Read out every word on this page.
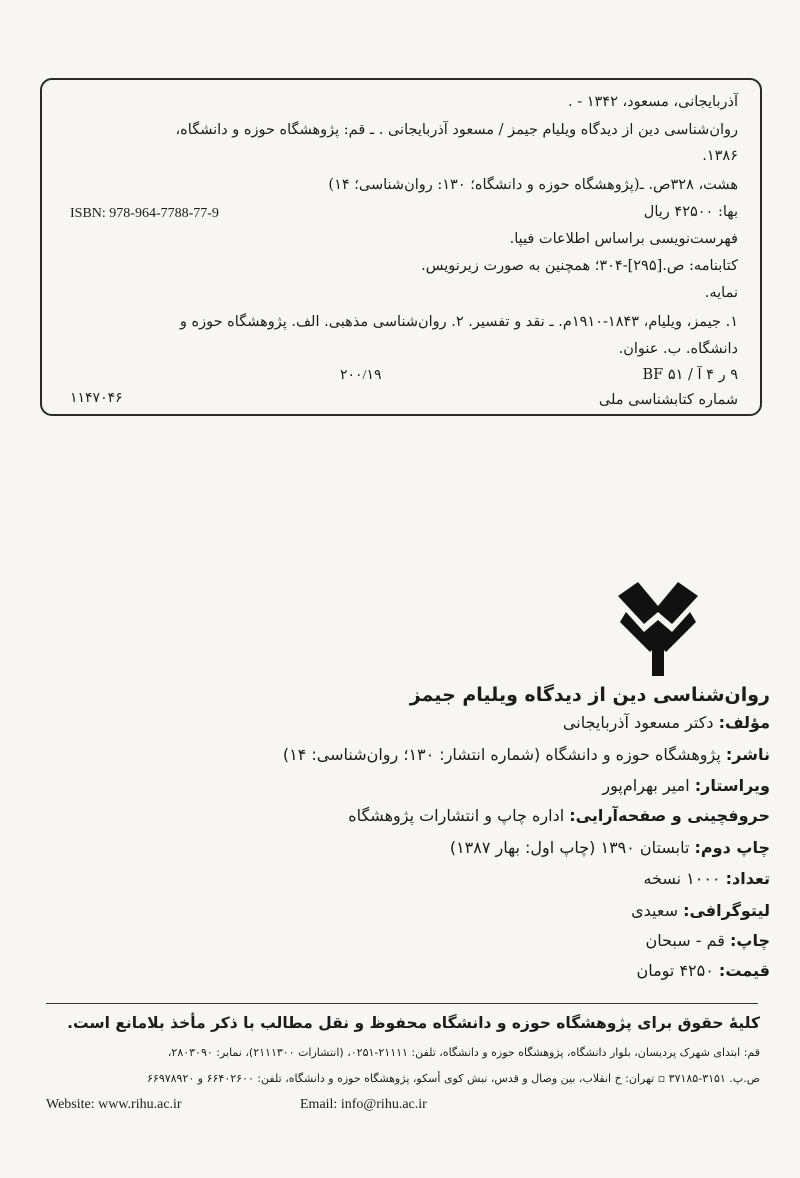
آذربایجانی، مسعود، ۱۳۴۲ - .
روان‌شناسی دین از دیدگاه ویلیام جیمز / مسعود آذربایجانی . ـ قم: پژوهشگاه حوزه و دانشگاه،
۱۳۸۶.
هشت، ۳۲۸ص. ـ(پژوهشگاه حوزه و دانشگاه؛ ۱۳۰: روان‌شناسی؛ ۱۴)
بها: ۴۲۵۰۰ ریال
ISBN: 978-964-7788-77-9
فهرست‌نویسی براساس اطلاعات فیپا.
کتابنامه: ص.[۲۹۵]-۳۰۴؛ همچنین به صورت زیرنویس.
نمایه.
۱. جیمز، ویلیام، ۱۸۴۳-۱۹۱۰م. ـ نقد و تفسیر. ۲. روان‌شناسی مذهبی. الف. پژوهشگاه حوزه و
دانشگاه. ب. عنوان.
۹ ر ۴ آ / ۵۱ BF
۲۰۰/۱۹
شماره کتابشناسی ملی
۱۱۴۷۰۴۶
روان‌شناسی دین از دیدگاه ویلیام جیمز
مؤلف: دکتر مسعود آذربایجانی
ناشر: پژوهشگاه حوزه و دانشگاه (شماره انتشار: ۱۳۰؛ روان‌شناسی: ۱۴)
ویراستار: امیر بهرام‌پور
حروفچینی و صفحه‌آرایی: اداره چاپ و انتشارات پژوهشگاه
چاپ دوم: تابستان ۱۳۹۰ (چاپ اول: بهار ۱۳۸۷)
تعداد: ۱۰۰۰ نسخه
لیتوگرافی: سعیدی
چاپ: قم - سبحان
قیمت: ۴۲۵۰ تومان
کلیهٔ حقوق برای پژوهشگاه حوزه و دانشگاه محفوظ و نقل مطالب با ذکر مأخذ بلامانع است.
قم: ابتدای شهرک پردیسان، بلوار دانشگاه، پژوهشگاه حوزه و دانشگاه، تلفن: ۲۱۱۱۱-۰۲۵۱، (انتشارات ۲۱۱۱۳۰۰)، نمابر: ۲۸۰۳۰۹۰،
ص.پ. ۳۱۵۱-۳۷۱۸۵ ▫ تهران: خ انقلاب، بین وصال و قدس، نبش کوی أسکو، پژوهشگاه حوزه و دانشگاه، تلفن: ۶۶۴۰۲۶۰۰ و ۶۶۹۷۸۹۲۰
Website: www.rihu.ac.ir	Email: info@rihu.ac.ir
